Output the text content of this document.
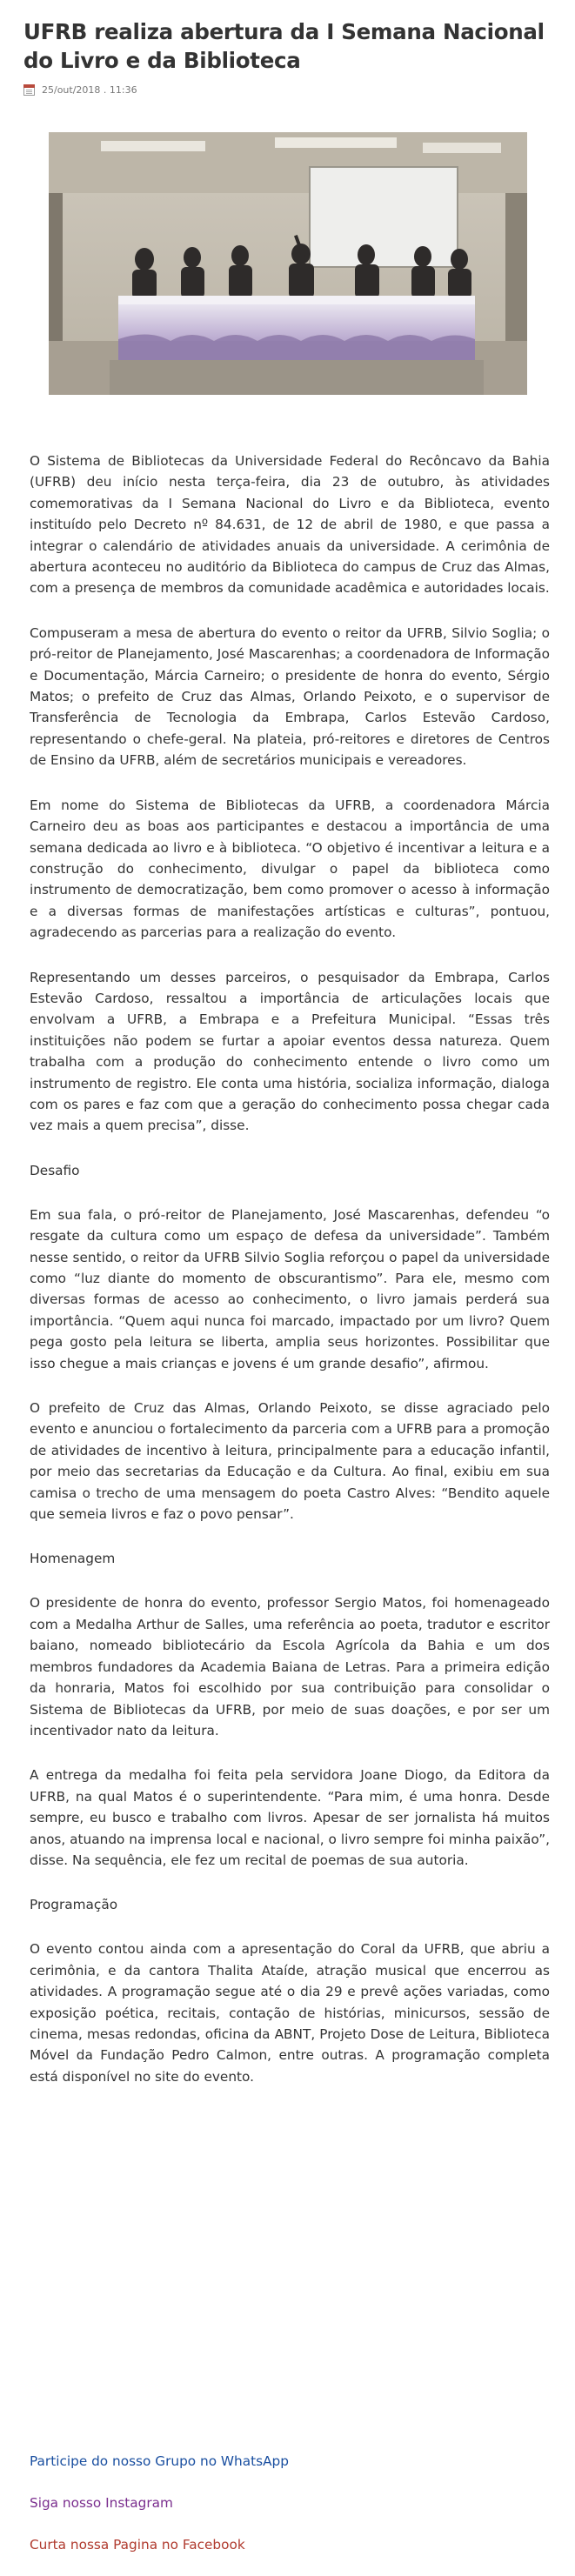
UFRB realiza abertura da I Semana Nacional do Livro e da Biblioteca
25/out/2018 . 11:36

O Sistema de Bibliotecas da Universidade Federal do Recôncavo da Bahia (UFRB) deu início nesta terça-feira, dia 23 de outubro, às atividades comemorativas da I Semana Nacional do Livro e da Biblioteca, evento instituído pelo Decreto nº 84.631, de 12 de abril de 1980, e que passa a integrar o calendário de atividades anuais da universidade. A cerimônia de abertura aconteceu no auditório da Biblioteca do campus de Cruz das Almas, com a presença de membros da comunidade acadêmica e autoridades locais.

Compuseram a mesa de abertura do evento o reitor da UFRB, Silvio Soglia; o pró-reitor de Planejamento, José Mascarenhas; a coordenadora de Informação e Documentação, Márcia Carneiro; o presidente de honra do evento, Sérgio Matos; o prefeito de Cruz das Almas, Orlando Peixoto, e o supervisor de Transferência de Tecnologia da Embrapa, Carlos Estevão Cardoso, representando o chefe-geral. Na plateia, pró-reitores e diretores de Centros de Ensino da UFRB, além de secretários municipais e vereadores.

Em nome do Sistema de Bibliotecas da UFRB, a coordenadora Márcia Carneiro deu as boas aos participantes e destacou a importância de uma semana dedicada ao livro e à biblioteca. “O objetivo é incentivar a leitura e a construção do conhecimento, divulgar o papel da biblioteca como instrumento de democratização, bem como promover o acesso à informação e a diversas formas de manifestações artísticas e culturas”, pontuou, agradecendo as parcerias para a realização do evento.

Representando um desses parceiros, o pesquisador da Embrapa, Carlos Estevão Cardoso, ressaltou a importância de articulações locais que envolvam a UFRB, a Embrapa e a Prefeitura Municipal. “Essas três instituições não podem se furtar a apoiar eventos dessa natureza. Quem trabalha com a produção do conhecimento entende o livro como um instrumento de registro. Ele conta uma história, socializa informação, dialoga com os pares e faz com que a geração do conhecimento possa chegar cada vez mais a quem precisa”, disse.

Desafio

Em sua fala, o pró-reitor de Planejamento, José Mascarenhas, defendeu “o resgate da cultura como um espaço de defesa da universidade”. Também nesse sentido, o reitor da UFRB Silvio Soglia reforçou o papel da universidade como “luz diante do momento de obscurantismo”. Para ele, mesmo com diversas formas de acesso ao conhecimento, o livro jamais perderá sua importância. “Quem aqui nunca foi marcado, impactado por um livro? Quem pega gosto pela leitura se liberta, amplia seus horizontes. Possibilitar que isso chegue a mais crianças e jovens é um grande desafio”, afirmou.

O prefeito de Cruz das Almas, Orlando Peixoto, se disse agraciado pelo evento e anunciou o fortalecimento da parceria com a UFRB para a promoção de atividades de incentivo à leitura, principalmente para a educação infantil, por meio das secretarias da Educação e da Cultura. Ao final, exibiu em sua camisa o trecho de uma mensagem do poeta Castro Alves: “Bendito aquele que semeia livros e faz o povo pensar”.

Homenagem

O presidente de honra do evento, professor Sergio Matos, foi homenageado com a Medalha Arthur de Salles, uma referência ao poeta, tradutor e escritor baiano, nomeado bibliotecário da Escola Agrícola da Bahia e um dos membros fundadores da Academia Baiana de Letras. Para a primeira edição da honraria, Matos foi escolhido por sua contribuição para consolidar o Sistema de Bibliotecas da UFRB, por meio de suas doações, e por ser um incentivador nato da leitura.

A entrega da medalha foi feita pela servidora Joane Diogo, da Editora da UFRB, na qual Matos é o superintendente. “Para mim, é uma honra. Desde sempre, eu busco e trabalho com livros. Apesar de ser jornalista há muitos anos, atuando na imprensa local e nacional, o livro sempre foi minha paixão”, disse. Na sequência, ele fez um recital de poemas de sua autoria.

Programação

O evento contou ainda com a apresentação do Coral da UFRB, que abriu a cerimônia, e da cantora Thalita Ataíde, atração musical que encerrou as atividades. A programação segue até o dia 29 e prevê ações variadas, como exposição poética, recitais, contação de histórias, minicursos, sessão de cinema, mesas redondas, oficina da ABNT, Projeto Dose de Leitura, Biblioteca Móvel da Fundação Pedro Calmon, entre outras. A programação completa está disponível no site do evento.

Participe do nosso Grupo no WhatsApp
Siga nosso Instagram
Curta nossa Pagina no Facebook
